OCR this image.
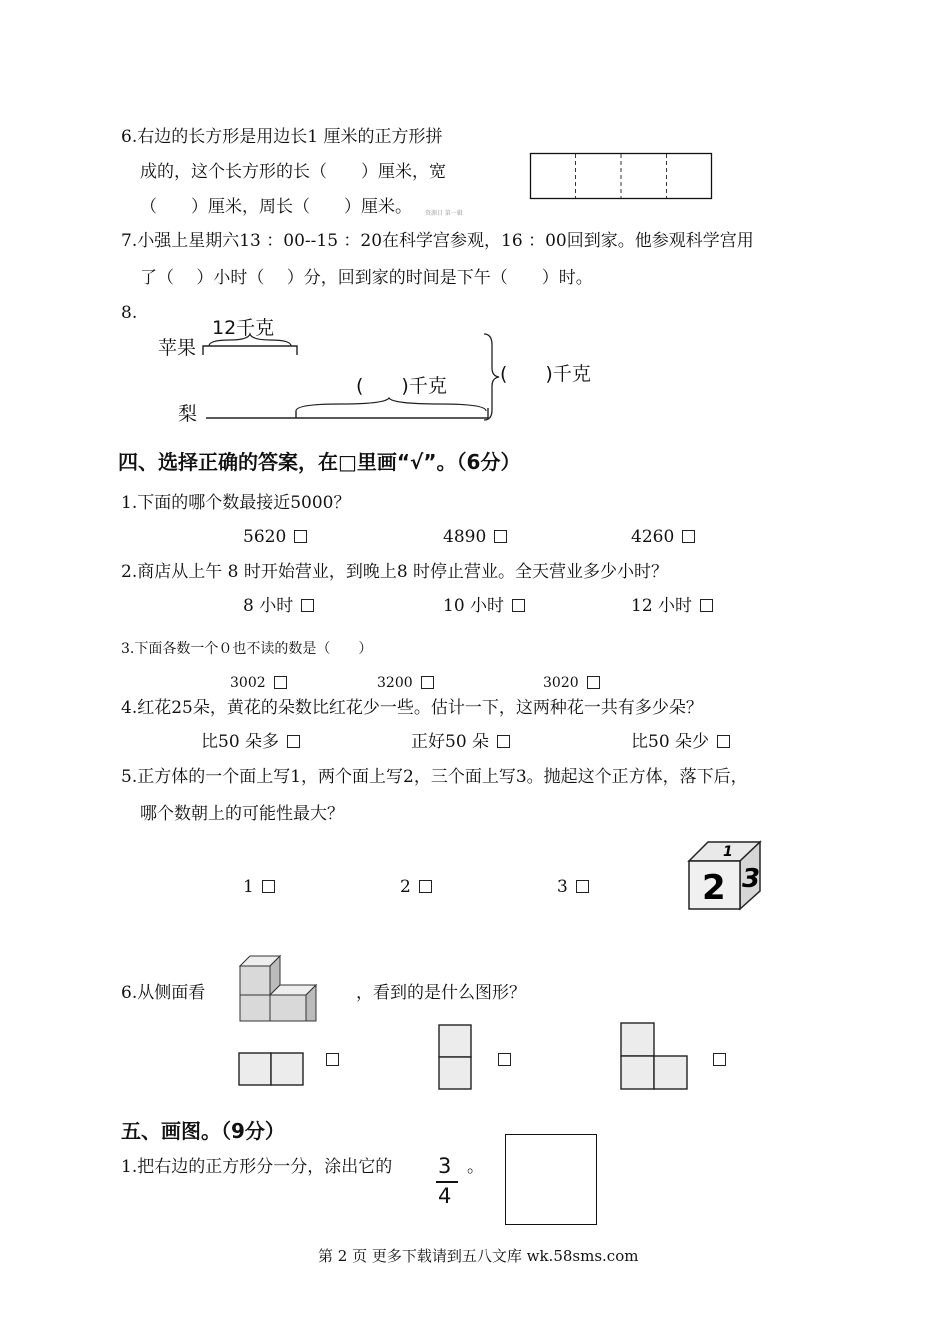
6.右边的长方形是用边长1 厘米的正方形拼
成的，这个长方形的长（　　）厘米，宽
（　　）厘米，周长（　　）厘米。 资源目 第一辑
7.小强上星期六13 ：00--15 ：20在科学宫参观，16 ：00回到家。他参观科学宫用
了（　 ）小时（　 ）分，回到家的时间是下午（　　）时。
8.
苹果
梨
12千克
(　　)千克
(　　)千克
四、选择正确的答案，在□里画“√”。（6分）
1.下面的哪个数最接近5000？
5620	4890	4260
2.商店从上午 8 时开始营业，到晚上8 时停止营业。全天营业多少小时？
8 小时	10 小时	12 小时
3.下面各数一个０也不读的数是（　　）
3002	3200	3020
4.红花25朵，黄花的朵数比红花少一些。估计一下，这两种花一共有多少朵？
比50 朵多	正好50 朵	比50 朵少
5.正方体的一个面上写1，两个面上写2，三个面上写3。抛起这个正方体，落下后，
哪个数朝上的可能性最大？
1	2	3
1
2 3
6.从侧面看	，看到的是什么图形？
五、画图。（9分）
1.把右边的正方形分一分，涂出它的	。
3
4
第 2 页 更多下载请到五八文库 wk.58sms.com
